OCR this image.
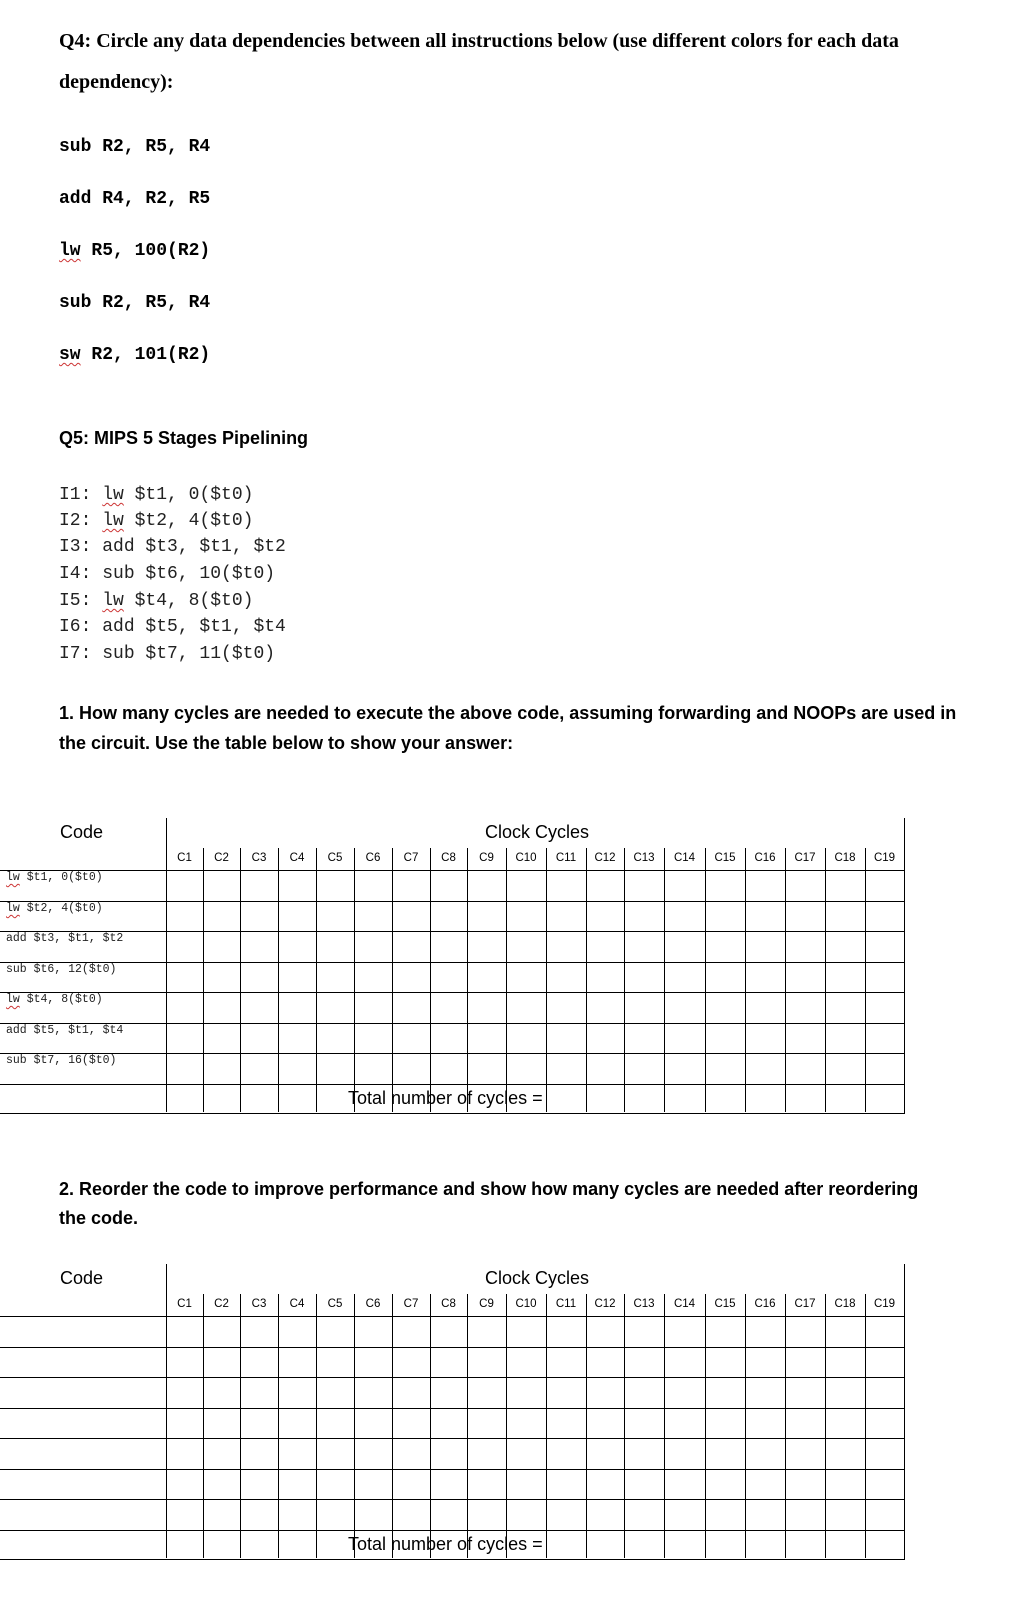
Q4: Circle any data dependencies between all instructions below (use different colors for each data
dependency):
sub R2, R5, R4
add R4, R2, R5
lw R5, 100(R2)
sub R2, R5, R4
sw R2, 101(R2)
Q5: MIPS 5 Stages Pipelining
I1: lw $t1, 0($t0)
I2: lw $t2, 4($t0)
I3: add $t3, $t1, $t2
I4: sub $t6, 10($t0)
I5: lw $t4, 8($t0)
I6: add $t5, $t1, $t4
I7: sub $t7, 11($t0)
1. How many cycles are needed to execute the above code, assuming forwarding and NOOPs are used in
the circuit. Use the table below to show your answer:
Code	Clock Cycles
C1	C2	C3	C4	C5	C6	C7	C8	C9	C10	C11	C12	C13	C14	C15	C16	C17	C18	C19
lw $t1, 0($t0)
lw $t2, 4($t0)
add $t3, $t1, $t2
sub $t6, 12($t0)
lw $t4, 8($t0)
add $t5, $t1, $t4
sub $t7, 16($t0)
Total number of cycles =
2. Reorder the code to improve performance and show how many cycles are needed after reordering
the code.
Code	Clock Cycles
C1	C2	C3	C4	C5	C6	C7	C8	C9	C10	C11	C12	C13	C14	C15	C16	C17	C18	C19
Total number of cycles =
